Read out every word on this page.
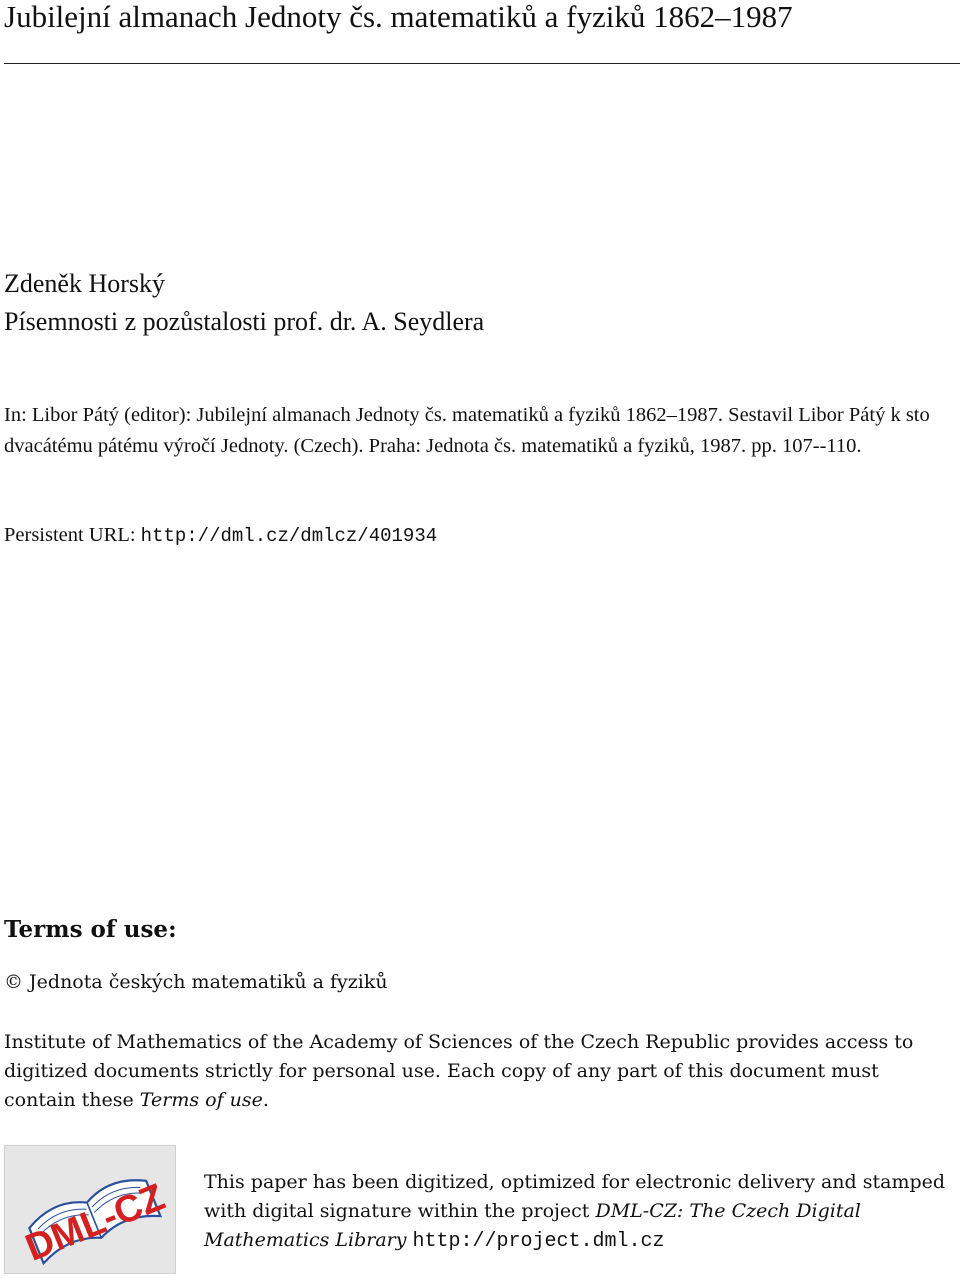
Jubilejní almanach Jednoty čs. matematiků a fyziků 1862–1987
Zdeněk Horský
Písemnosti z pozůstalosti prof. dr. A. Seydlera
In: Libor Pátý (editor): Jubilejní almanach Jednoty čs. matematiků a fyziků 1862–1987. Sestavil Libor Pátý k sto dvacátému pátému výročí Jednoty. (Czech). Praha: Jednota čs. matematiků a fyziků, 1987. pp. 107--110.
Persistent URL: http://dml.cz/dmlcz/401934
Terms of use:
© Jednota českých matematiků a fyziků
Institute of Mathematics of the Academy of Sciences of the Czech Republic provides access to digitized documents strictly for personal use. Each copy of any part of this document must contain these Terms of use.
DML-CZ This paper has been digitized, optimized for electronic delivery and stamped with digital signature within the project DML-CZ: The Czech Digital Mathematics Library http://project.dml.cz
